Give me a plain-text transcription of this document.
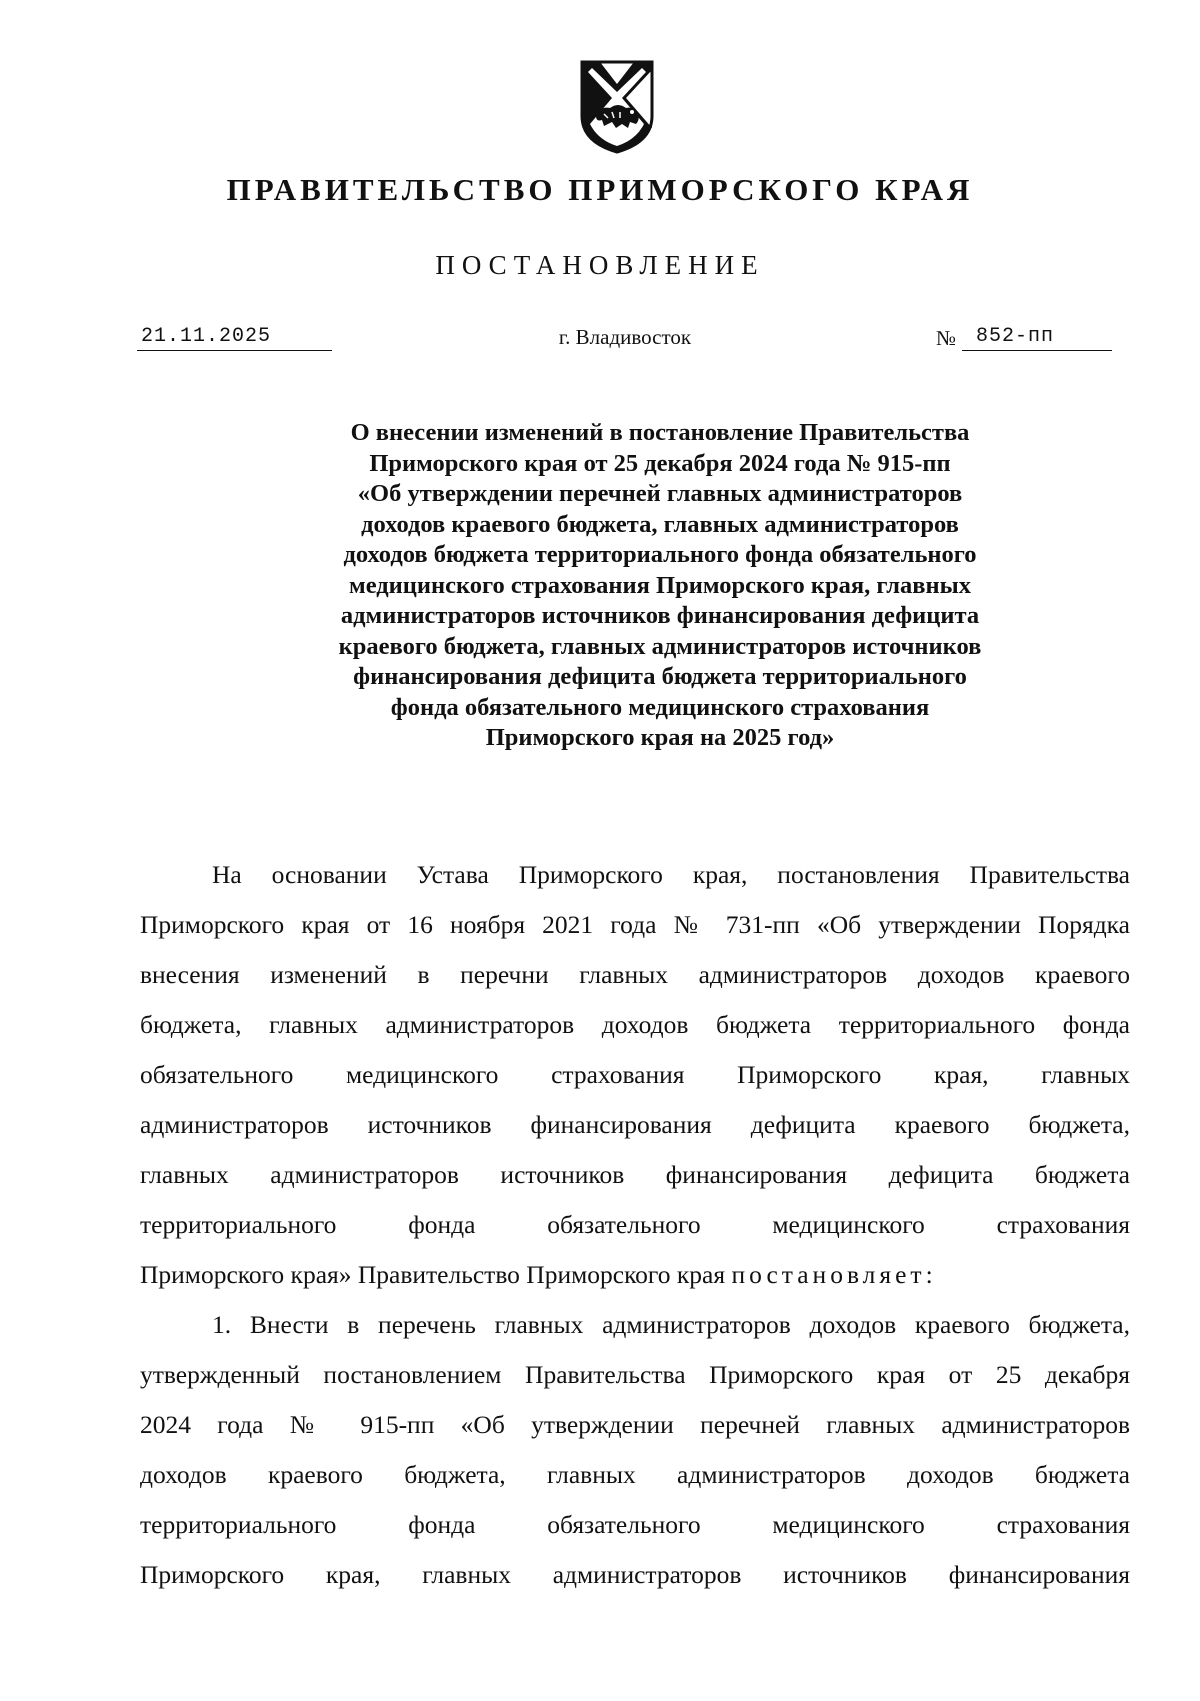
ПРАВИТЕЛЬСТВО ПРИМОРСКОГО КРАЯ
ПОСТАНОВЛЕНИЕ
21.11.2025	г. Владивосток	№ 852-пп
О внесении изменений в постановление Правительства
Приморского края от 25 декабря 2024 года № 915-пп
«Об утверждении перечней главных администраторов
доходов краевого бюджета, главных администраторов
доходов бюджета территориального фонда обязательного
медицинского страхования Приморского края, главных
администраторов источников финансирования дефицита
краевого бюджета, главных администраторов источников
финансирования дефицита бюджета территориального
фонда обязательного медицинского страхования
Приморского края на 2025 год»
На основании Устава Приморского края, постановления Правительства
Приморского края от 16 ноября 2021 года № 731-пп «Об утверждении Порядка
внесения изменений в перечни главных администраторов доходов краевого
бюджета, главных администраторов доходов бюджета территориального фонда
обязательного медицинского страхования Приморского края, главных
администраторов источников финансирования дефицита краевого бюджета,
главных администраторов источников финансирования дефицита бюджета
территориального фонда обязательного медицинского страхования
Приморского края» Правительство Приморского края постановляет:
1. Внести в перечень главных администраторов доходов краевого бюджета,
утвержденный постановлением Правительства Приморского края от 25 декабря
2024 года № 915-пп «Об утверждении перечней главных администраторов
доходов краевого бюджета, главных администраторов доходов бюджета
территориального фонда обязательного медицинского страхования
Приморского края, главных администраторов источников финансирования
